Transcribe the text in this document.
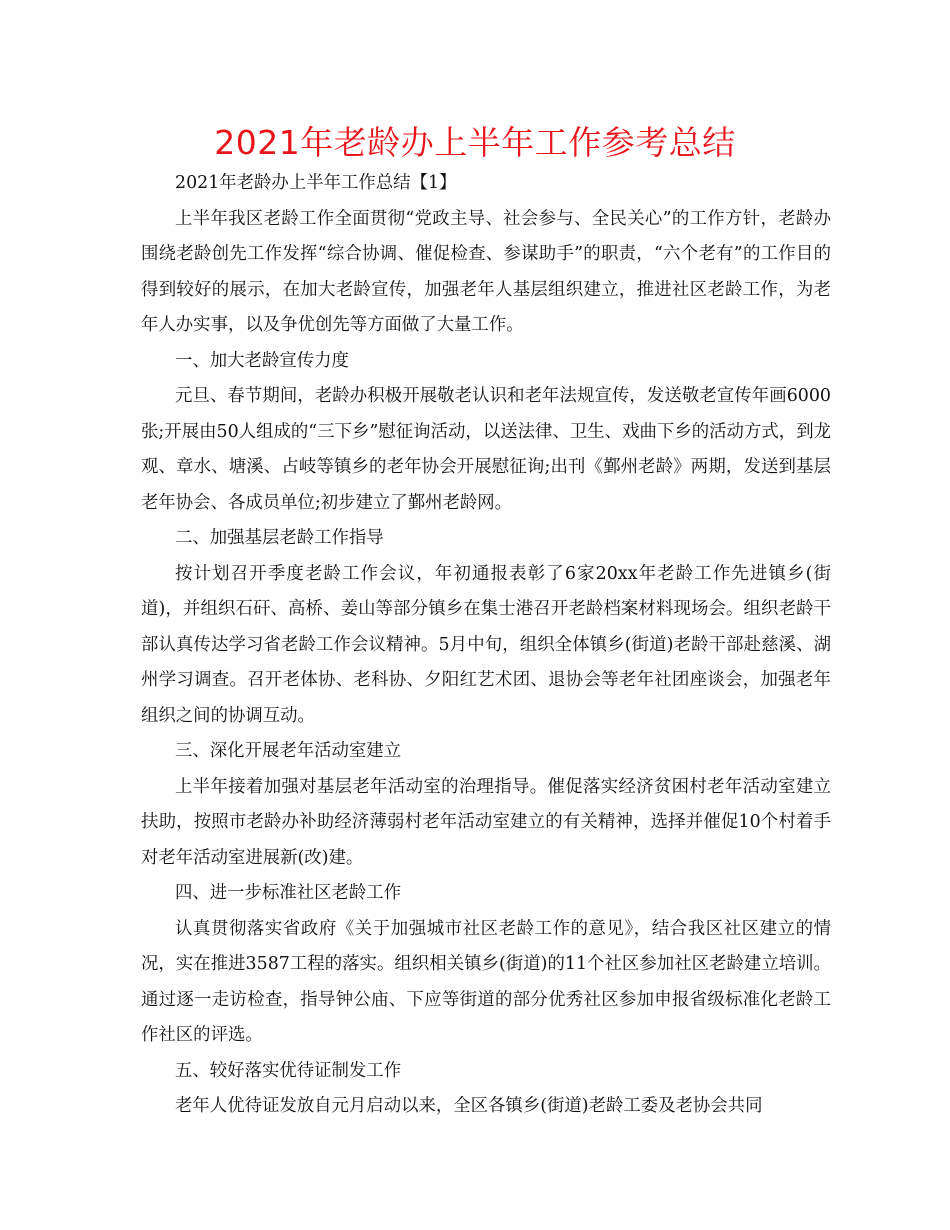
2021年老龄办上半年工作参考总结

2021年老龄办上半年工作总结【1】

上半年我区老龄工作全面贯彻“党政主导、社会参与、全民关心”的工作方针，老龄办围绕老龄创先工作发挥“综合协调、催促检查、参谋助手”的职责，“六个老有”的工作目的得到较好的展示，在加大老龄宣传，加强老年人基层组织建立，推进社区老龄工作，为老年人办实事，以及争优创先等方面做了大量工作。

一、加大老龄宣传力度

元旦、春节期间，老龄办积极开展敬老认识和老年法规宣传，发送敬老宣传年画6000张;开展由50人组成的“三下乡”慰征询活动，以送法律、卫生、戏曲下乡的活动方式，到龙观、章水、塘溪、占岐等镇乡的老年协会开展慰征询;出刊《鄞州老龄》两期，发送到基层老年协会、各成员单位;初步建立了鄞州老龄网。

二、加强基层老龄工作指导

按计划召开季度老龄工作会议，年初通报表彰了6家20xx年老龄工作先进镇乡(街道)，并组织石矸、高桥、姜山等部分镇乡在集士港召开老龄档案材料现场会。组织老龄干部认真传达学习省老龄工作会议精神。5月中旬，组织全体镇乡(街道)老龄干部赴慈溪、湖州学习调查。召开老体协、老科协、夕阳红艺术团、退协会等老年社团座谈会，加强老年组织之间的协调互动。

三、深化开展老年活动室建立

上半年接着加强对基层老年活动室的治理指导。催促落实经济贫困村老年活动室建立扶助，按照市老龄办补助经济薄弱村老年活动室建立的有关精神，选择并催促10个村着手对老年活动室进展新(改)建。

四、进一步标准社区老龄工作

认真贯彻落实省政府《关于加强城市社区老龄工作的意见》，结合我区社区建立的情况，实在推进3587工程的落实。组织相关镇乡(街道)的11个社区参加社区老龄建立培训。通过逐一走访检查，指导钟公庙、下应等街道的部分优秀社区参加申报省级标准化老龄工作社区的评选。

五、较好落实优待证制发工作

老年人优待证发放自元月启动以来，全区各镇乡(街道)老龄工委及老协会共同
